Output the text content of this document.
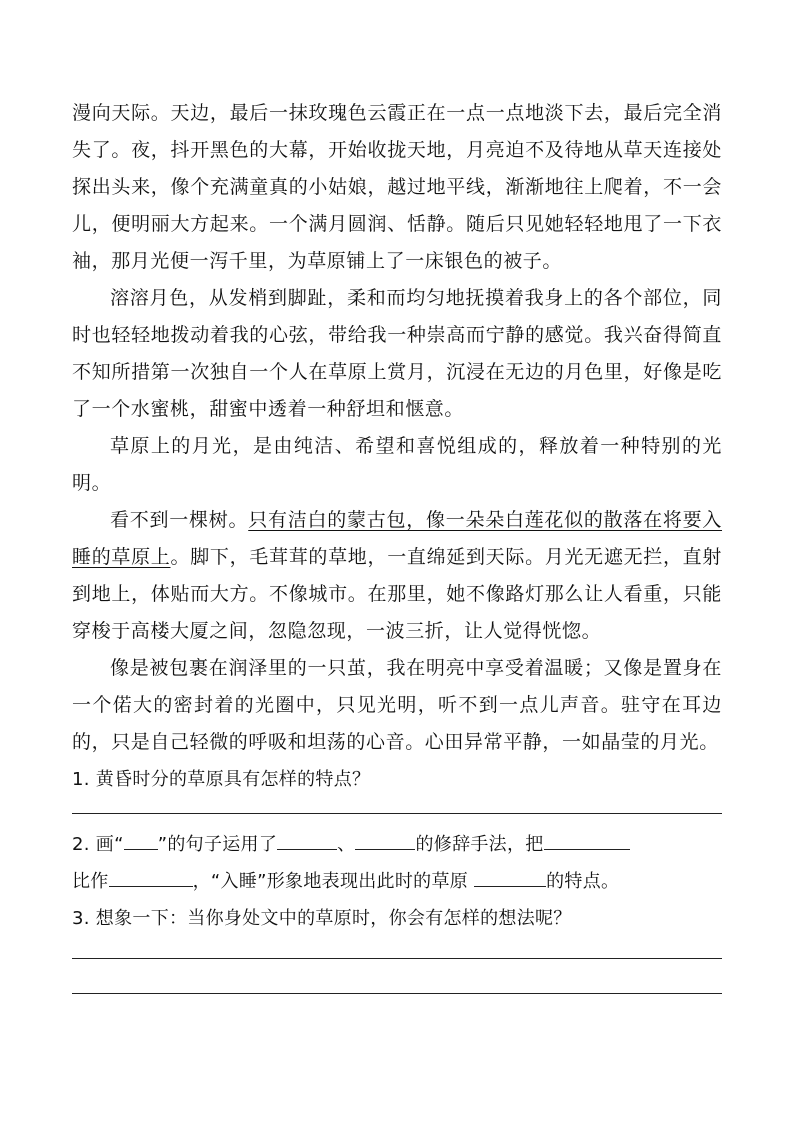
漫向天际。天边，最后一抹玫瑰色云霞正在一点一点地淡下去，最后完全消失了。夜，抖开黑色的大幕，开始收拢天地，月亮迫不及待地从草天连接处探出头来，像个充满童真的小姑娘，越过地平线，渐渐地往上爬着，不一会儿，便明丽大方起来。一个满月圆润、恬静。随后只见她轻轻地甩了一下衣袖，那月光便一泻千里，为草原铺上了一床银色的被子。

溶溶月色，从发梢到脚趾，柔和而均匀地抚摸着我身上的各个部位，同时也轻轻地拨动着我的心弦，带给我一种崇高而宁静的感觉。我兴奋得简直不知所措第一次独自一个人在草原上赏月，沉浸在无边的月色里，好像是吃了一个水蜜桃，甜蜜中透着一种舒坦和惬意。

草原上的月光，是由纯洁、希望和喜悦组成的，释放着一种特别的光明。

看不到一棵树。只有洁白的蒙古包，像一朵朵白莲花似的散落在将要入睡的草原上。脚下，毛茸茸的草地，一直绵延到天际。月光无遮无拦，直射到地上，体贴而大方。不像城市。在那里，她不像路灯那么让人看重，只能穿梭于高楼大厦之间，忽隐忽现，一波三折，让人觉得恍惚。

像是被包裹在润泽里的一只茧，我在明亮中享受着温暖；又像是置身在一个偌大的密封着的光圈中，只见光明，听不到一点儿声音。驻守在耳边的，只是自己轻微的呼吸和坦荡的心音。心田异常平静，一如晶莹的月光。

1. 黄昏时分的草原具有怎样的特点？

2. 画“ ”的句子运用了	、	的修辞手法，把

比作	，“入睡”形象地表现出此时的草原	的特点。

3. 想象一下：当你身处文中的草原时，你会有怎样的想法呢？
